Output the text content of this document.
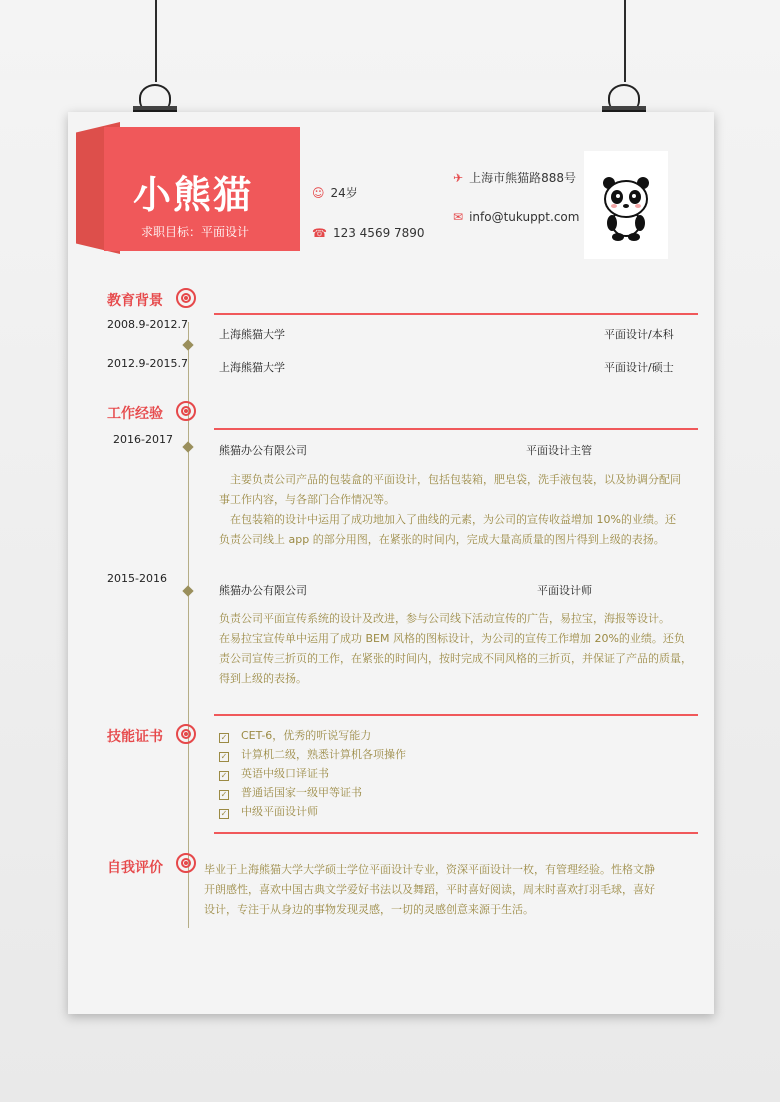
小熊猫
求职目标：平面设计
☺ 24岁
☎ 123 4569 7890
✈ 上海市熊猫路888号
✉ info@tukuppt.com
教育背景
2008.9-2012.7
上海熊猫大学	平面设计/本科
2012.9-2015.7	上海熊猫大学	平面设计/硕士
工作经验
2016-2017
熊猫办公有限公司	平面设计主管

主要负责公司产品的包装盒的平面设计，包括包装箱，肥皂袋，洗手液包装，以及协调分配同

事工作内容，与各部门合作情况等。

在包装箱的设计中运用了成功地加入了曲线的元素，为公司的宣传收益增加 10%的业绩。还

负责公司线上 app 的部分用图，在紧张的时间内，完成大量高质量的图片得到上级的表扬。

2015-2016
熊猫办公有限公司	平面设计师

负责公司平面宣传系统的设计及改进，参与公司线下活动宣传的广告，易拉宝，海报等设计。

在易拉宝宣传单中运用了成功 BEM 风格的图标设计，为公司的宣传工作增加 20%的业绩。还负

责公司宣传三折页的工作，在紧张的时间内，按时完成不同风格的三折页，并保证了产品的质量，

得到上级的表扬。

技能证书	✓ CET-6，优秀的听说写能力
✓ 计算机二级，熟悉计算机各项操作
✓ 英语中级口译证书
✓ 普通话国家一级甲等证书
✓ 中级平面设计师
自我评价	毕业于上海熊猫大学大学硕士学位平面设计专业，资深平面设计一枚，有管理经验。性格文静

开朗感性，喜欢中国古典文学爱好书法以及舞蹈，平时喜好阅读，周末时喜欢打羽毛球，喜好

设计，专注于从身边的事物发现灵感，一切的灵感创意来源于生活。
